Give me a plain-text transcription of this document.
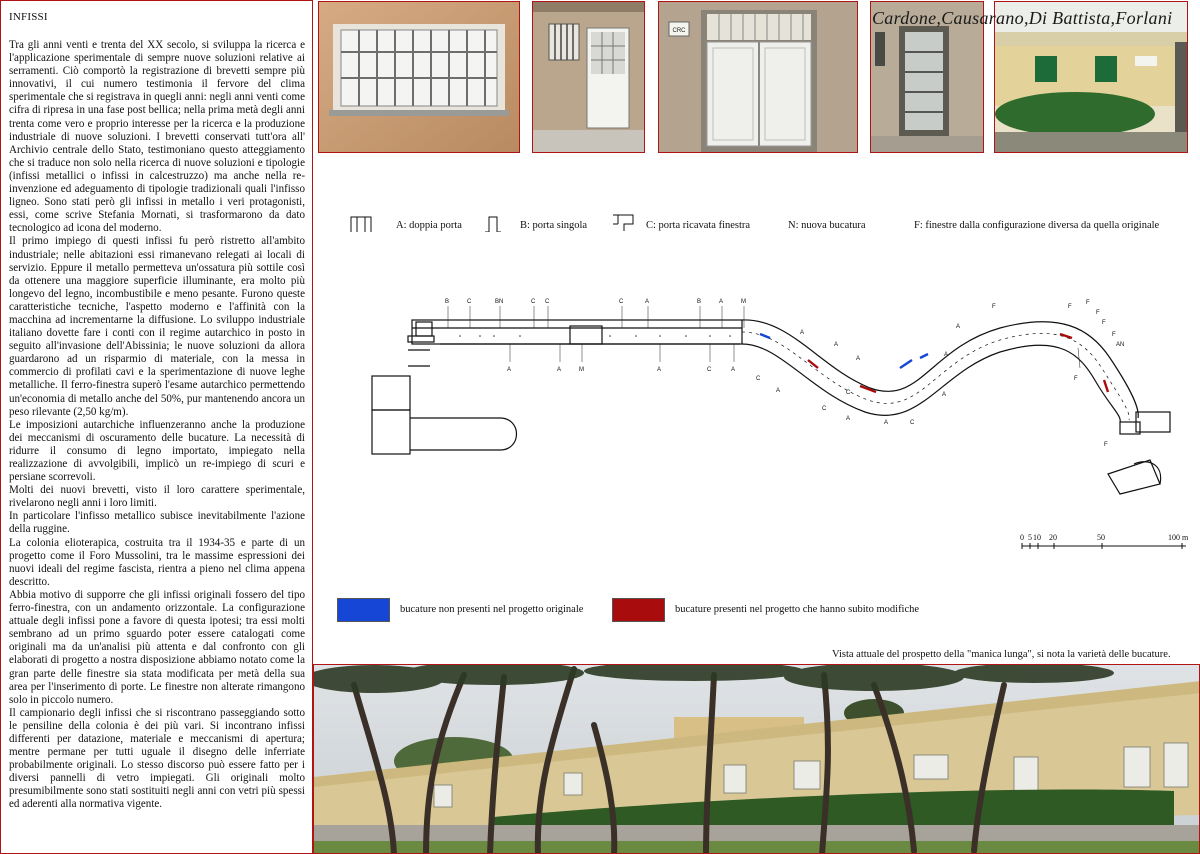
INFISSI

Tra gli anni venti e trenta del XX secolo, si sviluppa la ricerca e l'applicazione sperimentale di sempre nuove soluzioni relative ai serramenti. Ciò comportò la registrazione di brevetti sempre più innovativi, il cui numero testimonia il fervore del clima sperimentale che si registrava in quegli anni: negli anni venti come cifra di ripresa in una fase post bellica; nella prima metà degli anni trenta come vero e proprio interesse per la ricerca e la produzione industriale di nuove soluzioni. I brevetti conservati tutt'ora all' Archivio centrale dello Stato, testimoniano questo atteggiamento che si traduce non solo nella ricerca di nuove soluzioni e tipologie (infissi metallici o infissi in calcestruzzo) ma anche nella re-invenzione ed adeguamento di tipologie tradizionali quali l'infisso ligneo. Sono stati però gli infissi in metallo i veri protagonisti, essi, come scrive Stefania Mornati, si trasformarono da dato tecnologico ad icona del moderno.

Il primo impiego di questi infissi fu però ristretto all'ambito industriale; nelle abitazioni essi rimanevano relegati ai locali di servizio. Eppure il metallo permetteva un'ossatura più sottile così da ottenere una maggiore superficie illuminante, era molto più longevo del legno, incombustibile e meno pesante. Furono queste caratteristiche tecniche, l'aspetto moderno e l'affinità con la macchina ad incrementarne la diffusione. Lo sviluppo industriale italiano dovette fare i conti con il regime autarchico in posto in seguito all'invasione dell'Abissinia; le nuove soluzioni da allora guardarono ad un risparmio di materiale, con la messa in commercio di profilati cavi e la sperimentazione di nuove leghe metalliche. Il ferro-finestra superò l'esame autarchico permettendo un'economia di metallo anche del 50%, pur mantenendo ancora un peso rilevante (2,50 kg/m).

Le imposizioni autarchiche influenzeranno anche la produzione dei meccanismi di oscuramento delle bucature. La necessità di ridurre il consumo di legno importato, impiegato nella realizzazione di avvolgibili, implicò un re-impiego di scuri e persiane scorrevoli.

Molti dei nuovi brevetti, visto il loro carattere sperimentale, rivelarono negli anni i loro limiti.

In particolare l'infisso metallico subisce inevitabilmente l'azione della ruggine.

La colonia elioterapica, costruita tra il 1934-35 e parte di un progetto come il Foro Mussolini, tra le massime espressioni dei nuovi ideali del regime fascista, rientra a pieno nel clima appena descritto.

Abbia motivo di supporre che gli infissi originali fossero del tipo ferro-finestra, con un andamento orizzontale. La configurazione attuale degli infissi pone a favore di questa ipotesi; tra essi molti sembrano ad un primo sguardo poter essere catalogati come originali ma da un'analisi più attenta e dal confronto con gli elaborati di progetto a nostra disposizione abbiamo notato come la gran parte delle finestre sia stata modificata per metà della sua area per l'inserimento di porte. Le finestre non alterate rimangono solo in piccolo numero.

Il campionario degli infissi che si riscontrano passeggiando sotto le pensiline della colonia è dei più vari. Si incontrano infissi differenti per datazione, materiale e meccanismi di apertura; mentre permane per tutti uguale il disegno delle inferriate probabilmente originali. Lo stesso discorso può essere fatto per i diversi pannelli di vetro impiegati. Gli originali molto presumibilmente sono stati sostituiti negli anni con vetri più spessi ed aderenti alla normativa vigente.

CRC
Cardone,Causarano,Di Battista,Forlani
A: doppia porta	B: porta singola	C: porta ricavata finestra	N: nuova bucatura	F: finestre dalla configurazione diversa da quella originale
B	C	BN	C C	C	A	B	A	M
A	A	M	A	C	A
A
C
A
C
A
C
A
A
A	C
A
A
A
F	F
F
F
F
F
AN
F
F
0 5 10 20	50	100 m
bucature non presenti nel progetto originale	bucature presenti nel progetto che hanno subito modifiche
Vista attuale del prospetto della "manica lunga", si nota la varietà delle bucature.
